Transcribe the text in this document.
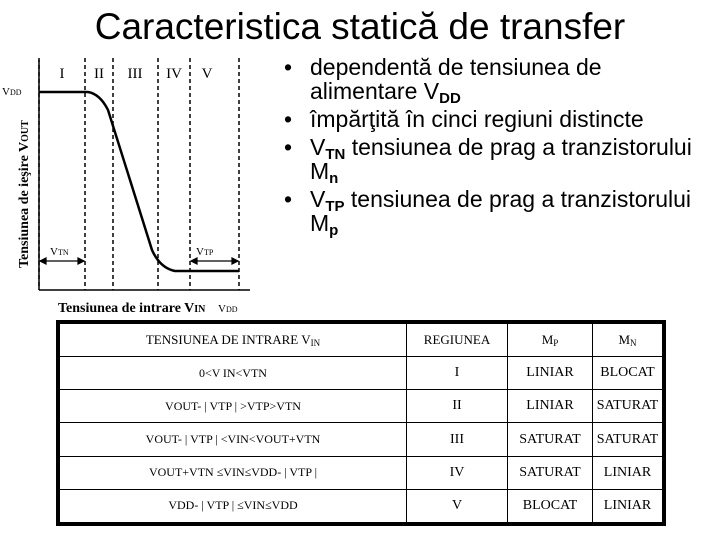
Caracteristica statică de transfer
• dependentă de tensiunea de alimentare $V_{DD}$
• împărţită în cinci regiuni distincte
• $V_{TN}$ tensiunea de prag a tranzistorului $M_n$
• $V_{TP}$ tensiunea de prag a tranzistorului $M_p$
I II III IV V
VDD
VTN	VTP
Tensiunea de intrare VIN VDD
Tensiunea de ieşire VOUT
TENSIUNEA DE INTRARE $V_{IN}$	REGIUNEA	$M_P$	$M_N$
0<V IN<VTN	I	LINIAR	BLOCAT
VOUT- | VTP | >VTP>VTN	II	LINIAR	SATURAT
VOUT- | VTP | <VIN<VOUT+VTN	III	SATURAT	SATURAT
VOUT+VTN ≤VIN≤VDD- | VTP |	IV	SATURAT	LINIAR
VDD- | VTP | ≤VIN≤VDD	V	BLOCAT	LINIAR
